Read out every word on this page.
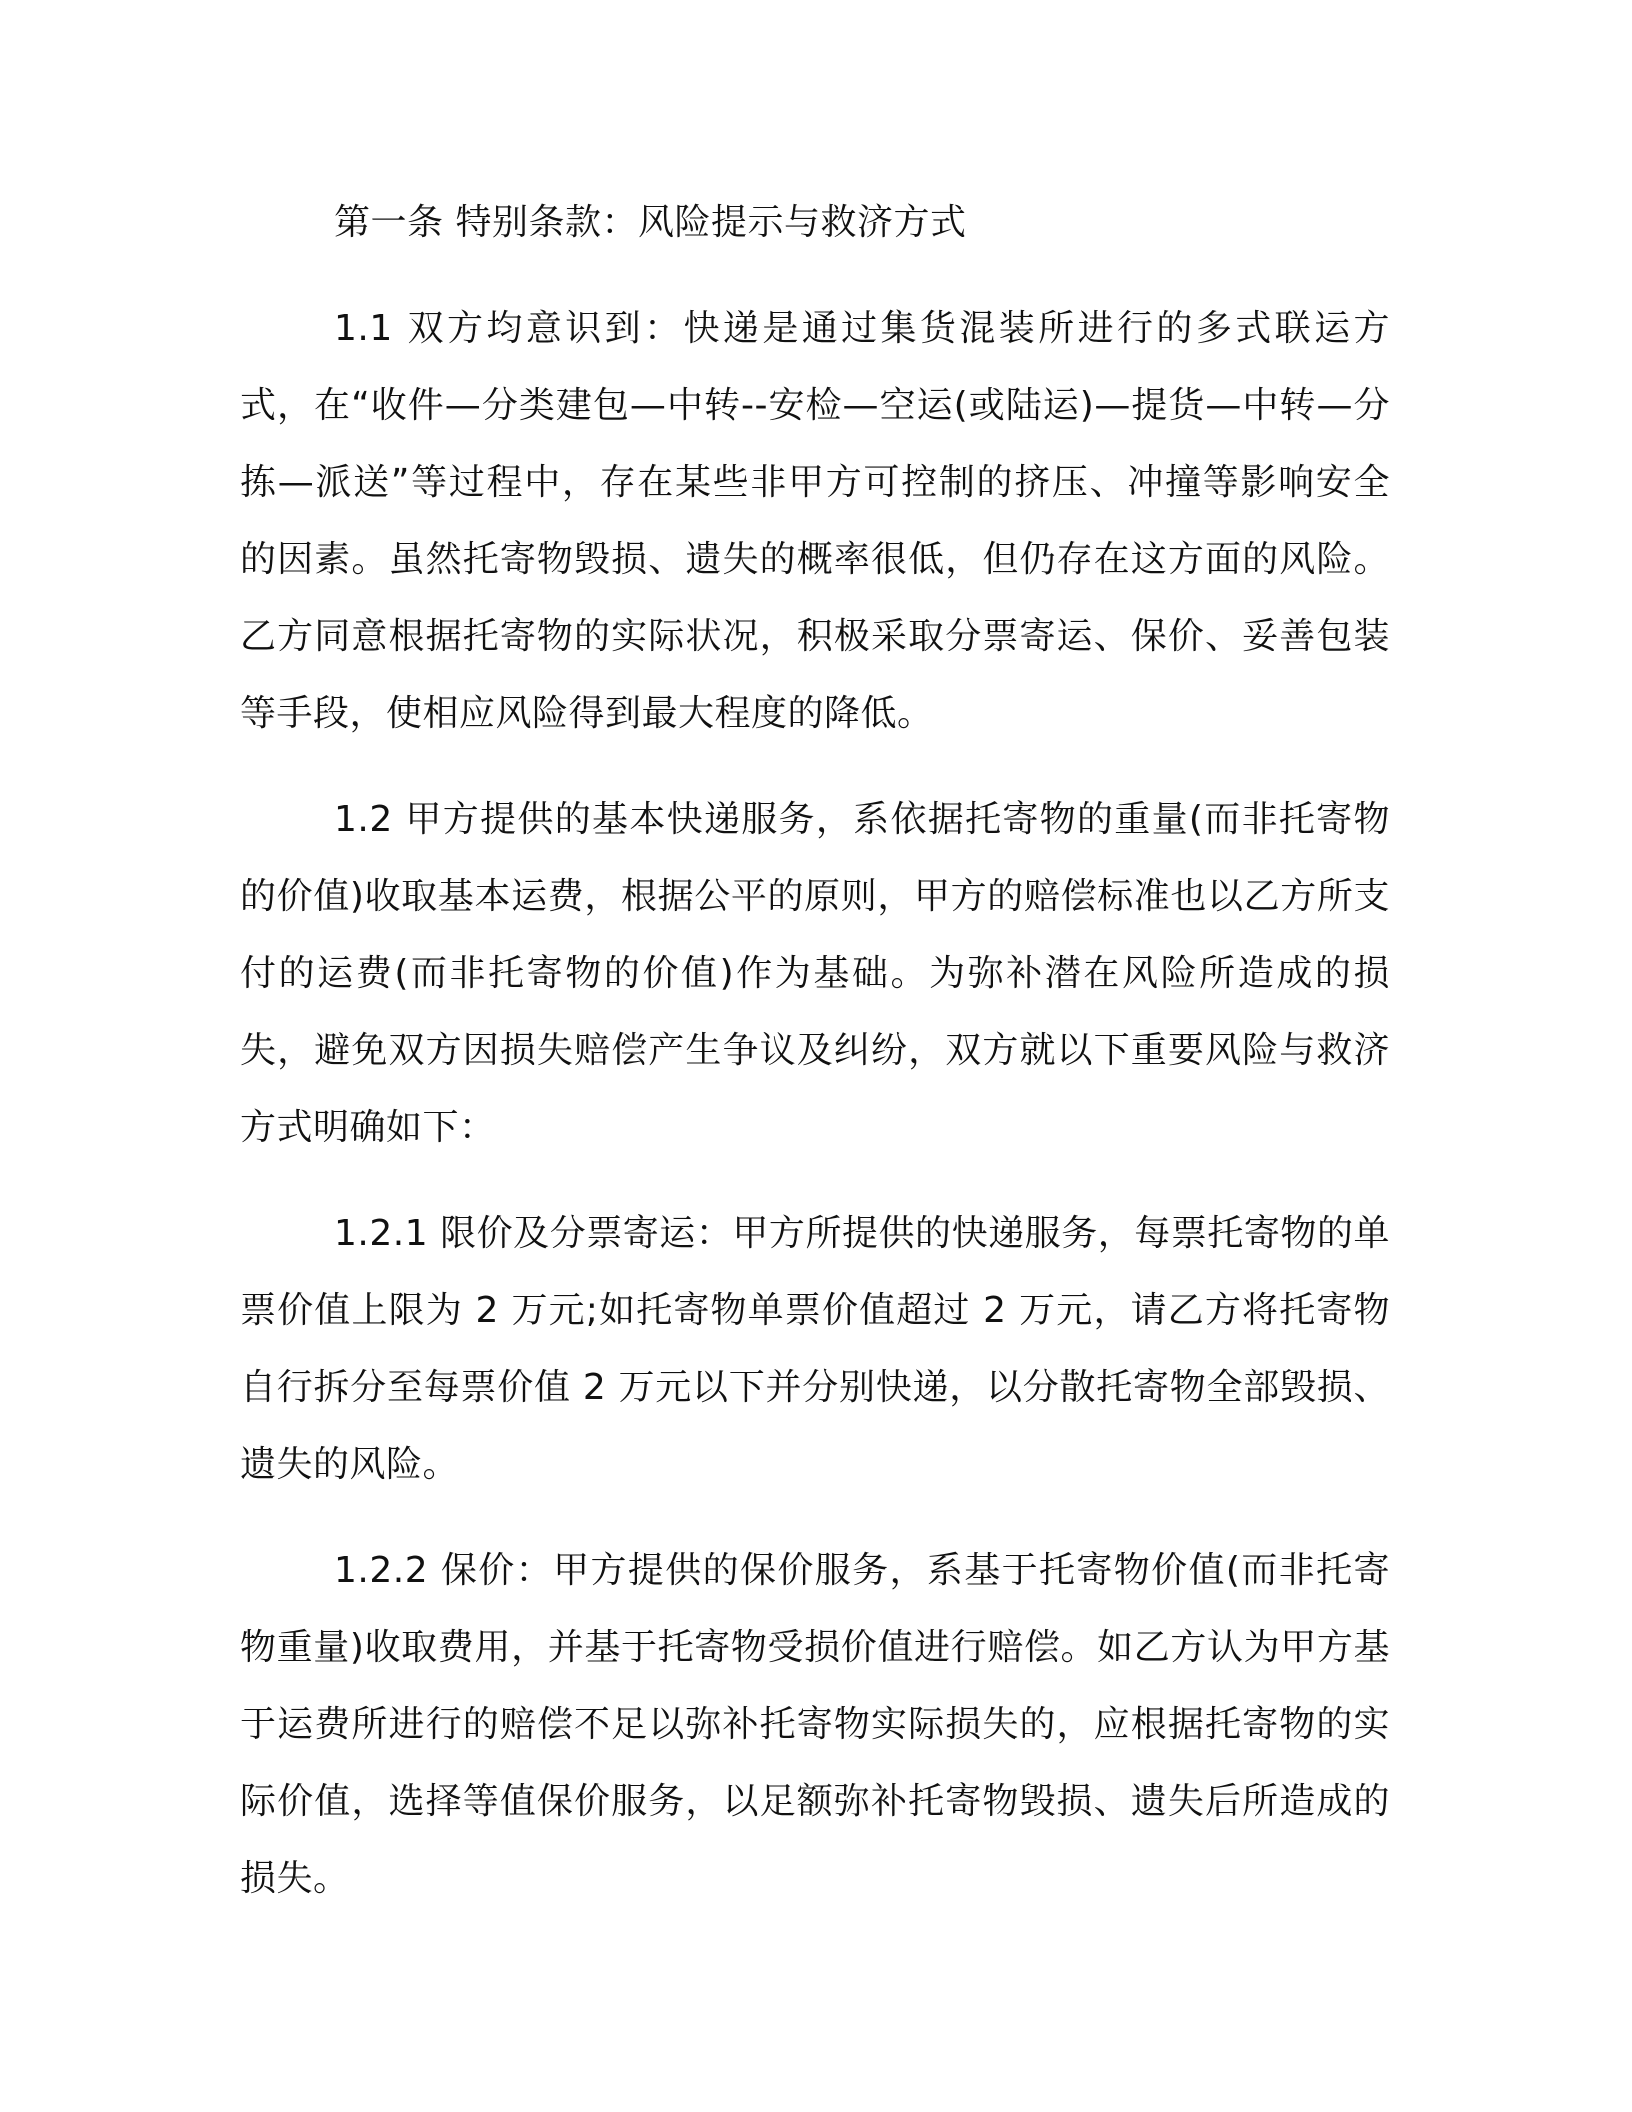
第一条 特别条款：风险提示与救济方式

1.1 双方均意识到：快递是通过集货混装所进行的多式联运方式，在“收件—分类建包—中转--安检—空运(或陆运)—提货—中转—分拣—派送”等过程中，存在某些非甲方可控制的挤压、冲撞等影响安全的因素。虽然托寄物毁损、遗失的概率很低，但仍存在这方面的风险。乙方同意根据托寄物的实际状况，积极采取分票寄运、保价、妥善包装等手段，使相应风险得到最大程度的降低。

1.2 甲方提供的基本快递服务，系依据托寄物的重量(而非托寄物的价值)收取基本运费，根据公平的原则，甲方的赔偿标准也以乙方所支付的运费(而非托寄物的价值)作为基础。为弥补潜在风险所造成的损失，避免双方因损失赔偿产生争议及纠纷，双方就以下重要风险与救济方式明确如下：

1.2.1 限价及分票寄运：甲方所提供的快递服务，每票托寄物的单票价值上限为 2 万元;如托寄物单票价值超过 2 万元，请乙方将托寄物自行拆分至每票价值 2 万元以下并分别快递，以分散托寄物全部毁损、遗失的风险。

1.2.2 保价：甲方提供的保价服务，系基于托寄物价值(而非托寄物重量)收取费用，并基于托寄物受损价值进行赔偿。如乙方认为甲方基于运费所进行的赔偿不足以弥补托寄物实际损失的，应根据托寄物的实际价值，选择等值保价服务，以足额弥补托寄物毁损、遗失后所造成的损失。
